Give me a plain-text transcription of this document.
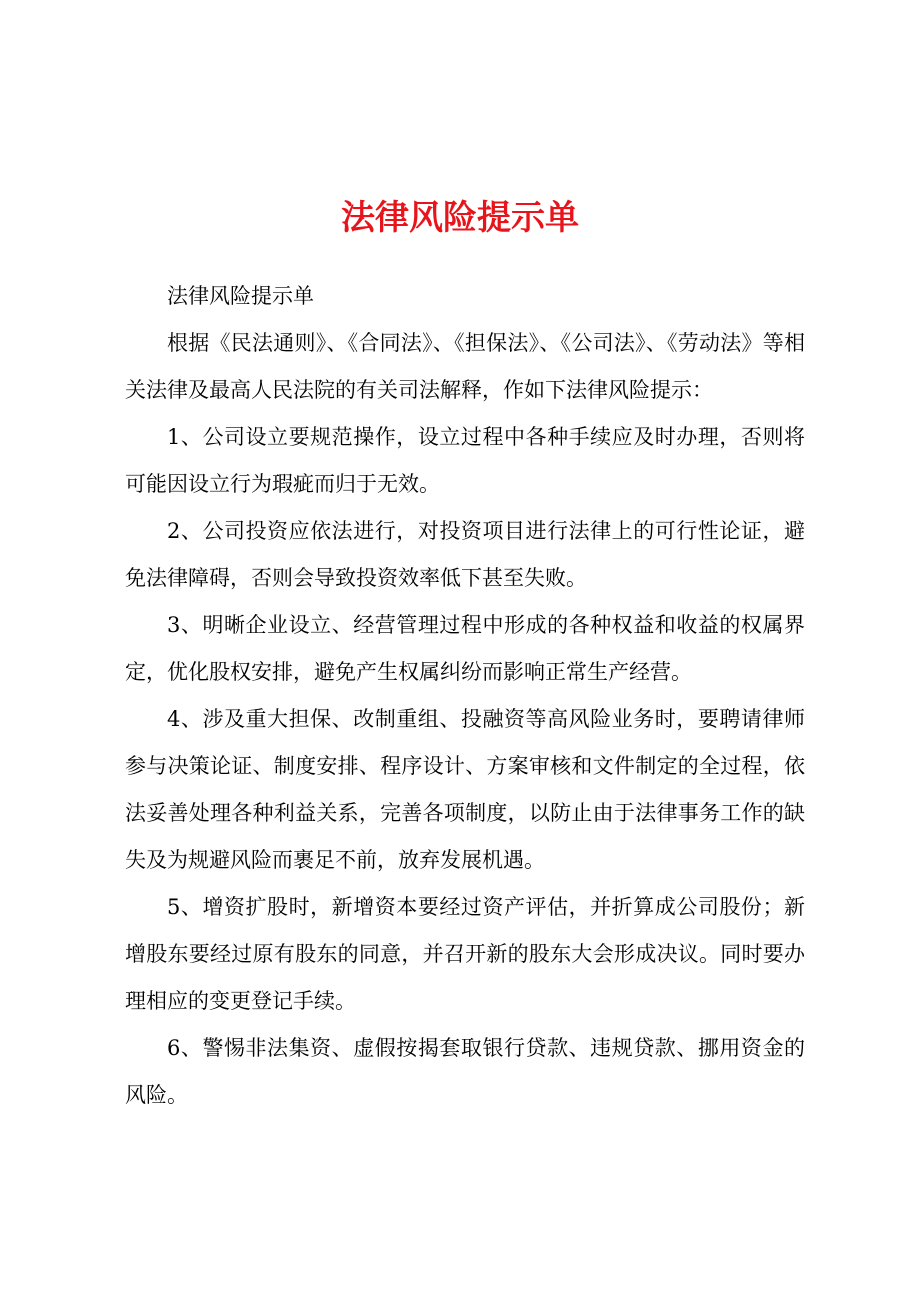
法律风险提示单
法律风险提示单
根据《民法通则》、《合同法》、《担保法》、《公司法》、《劳动法》等相
关法律及最高人民法院的有关司法解释，作如下法律风险提示：
1、公司设立要规范操作，设立过程中各种手续应及时办理，否则将
可能因设立行为瑕疵而归于无效。
2、公司投资应依法进行，对投资项目进行法律上的可行性论证，避
免法律障碍，否则会导致投资效率低下甚至失败。
3、明晰企业设立、经营管理过程中形成的各种权益和收益的权属界
定，优化股权安排，避免产生权属纠纷而影响正常生产经营。
4、涉及重大担保、改制重组、投融资等高风险业务时，要聘请律师
参与决策论证、制度安排、程序设计、方案审核和文件制定的全过程，依
法妥善处理各种利益关系，完善各项制度，以防止由于法律事务工作的缺
失及为规避风险而裹足不前，放弃发展机遇。
5、增资扩股时，新增资本要经过资产评估，并折算成公司股份；新
增股东要经过原有股东的同意，并召开新的股东大会形成决议。同时要办
理相应的变更登记手续。
6、警惕非法集资、虚假按揭套取银行贷款、违规贷款、挪用资金的
风险。
